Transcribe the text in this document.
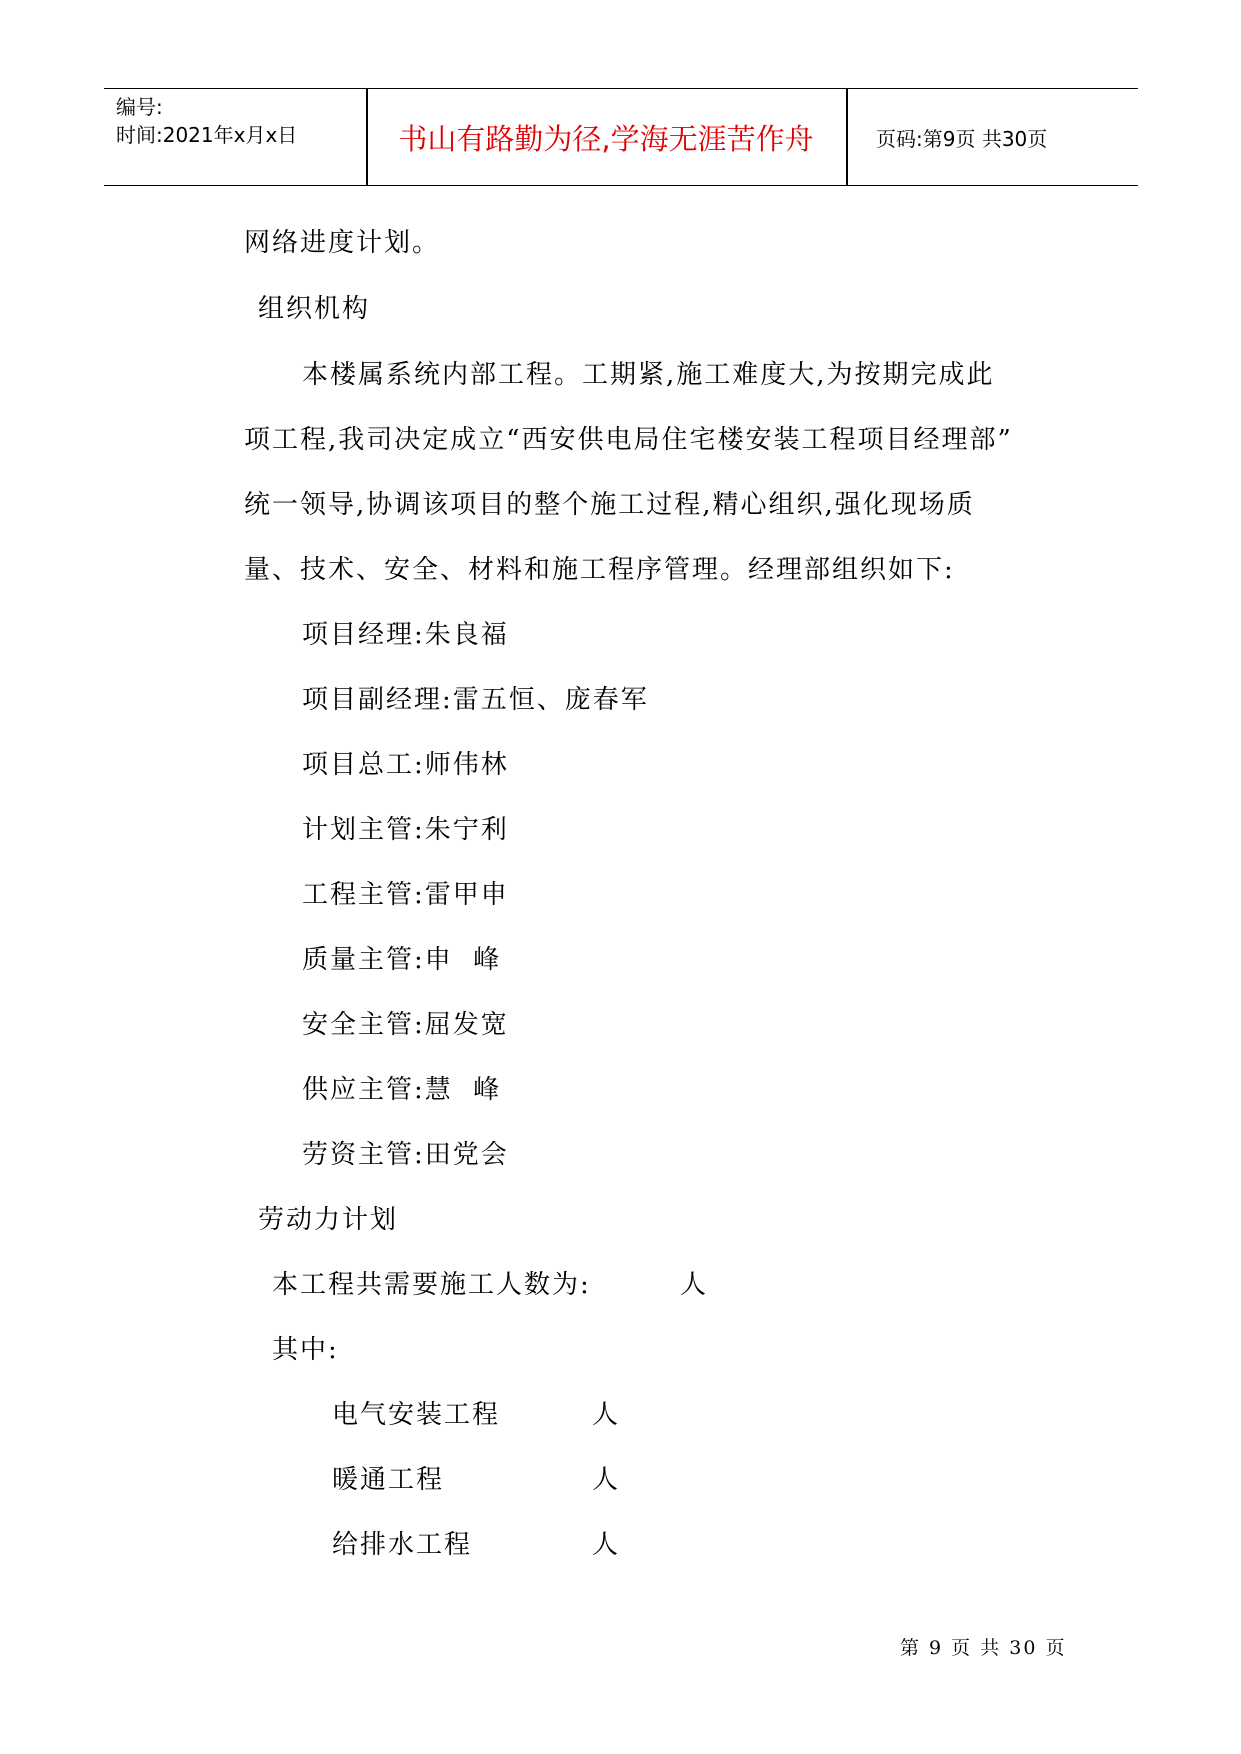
编号:
时间:2021年x月x日	书山有路勤为径,学海无涯苦作舟	页码:第9页 共30页
网络进度计划。
组织机构
本楼属系统内部工程。工期紧,施工难度大,为按期完成此
项工程,我司决定成立“西安供电局住宅楼安装工程项目经理部”
统一领导,协调该项目的整个施工过程,精心组织,强化现场质
量、技术、安全、材料和施工程序管理。经理部组织如下:
项目经理:朱良福
项目副经理:雷五恒、庞春军
项目总工:师伟林
计划主管:朱宁利
工程主管:雷甲申
质量主管:申  峰
安全主管:屈发宽
供应主管:慧  峰
劳资主管:田党会
劳动力计划
本工程共需要施工人数为:	人
其中:
电气安装工程	人
暖通工程	人
给排水工程	人
第 9 页 共 30 页
